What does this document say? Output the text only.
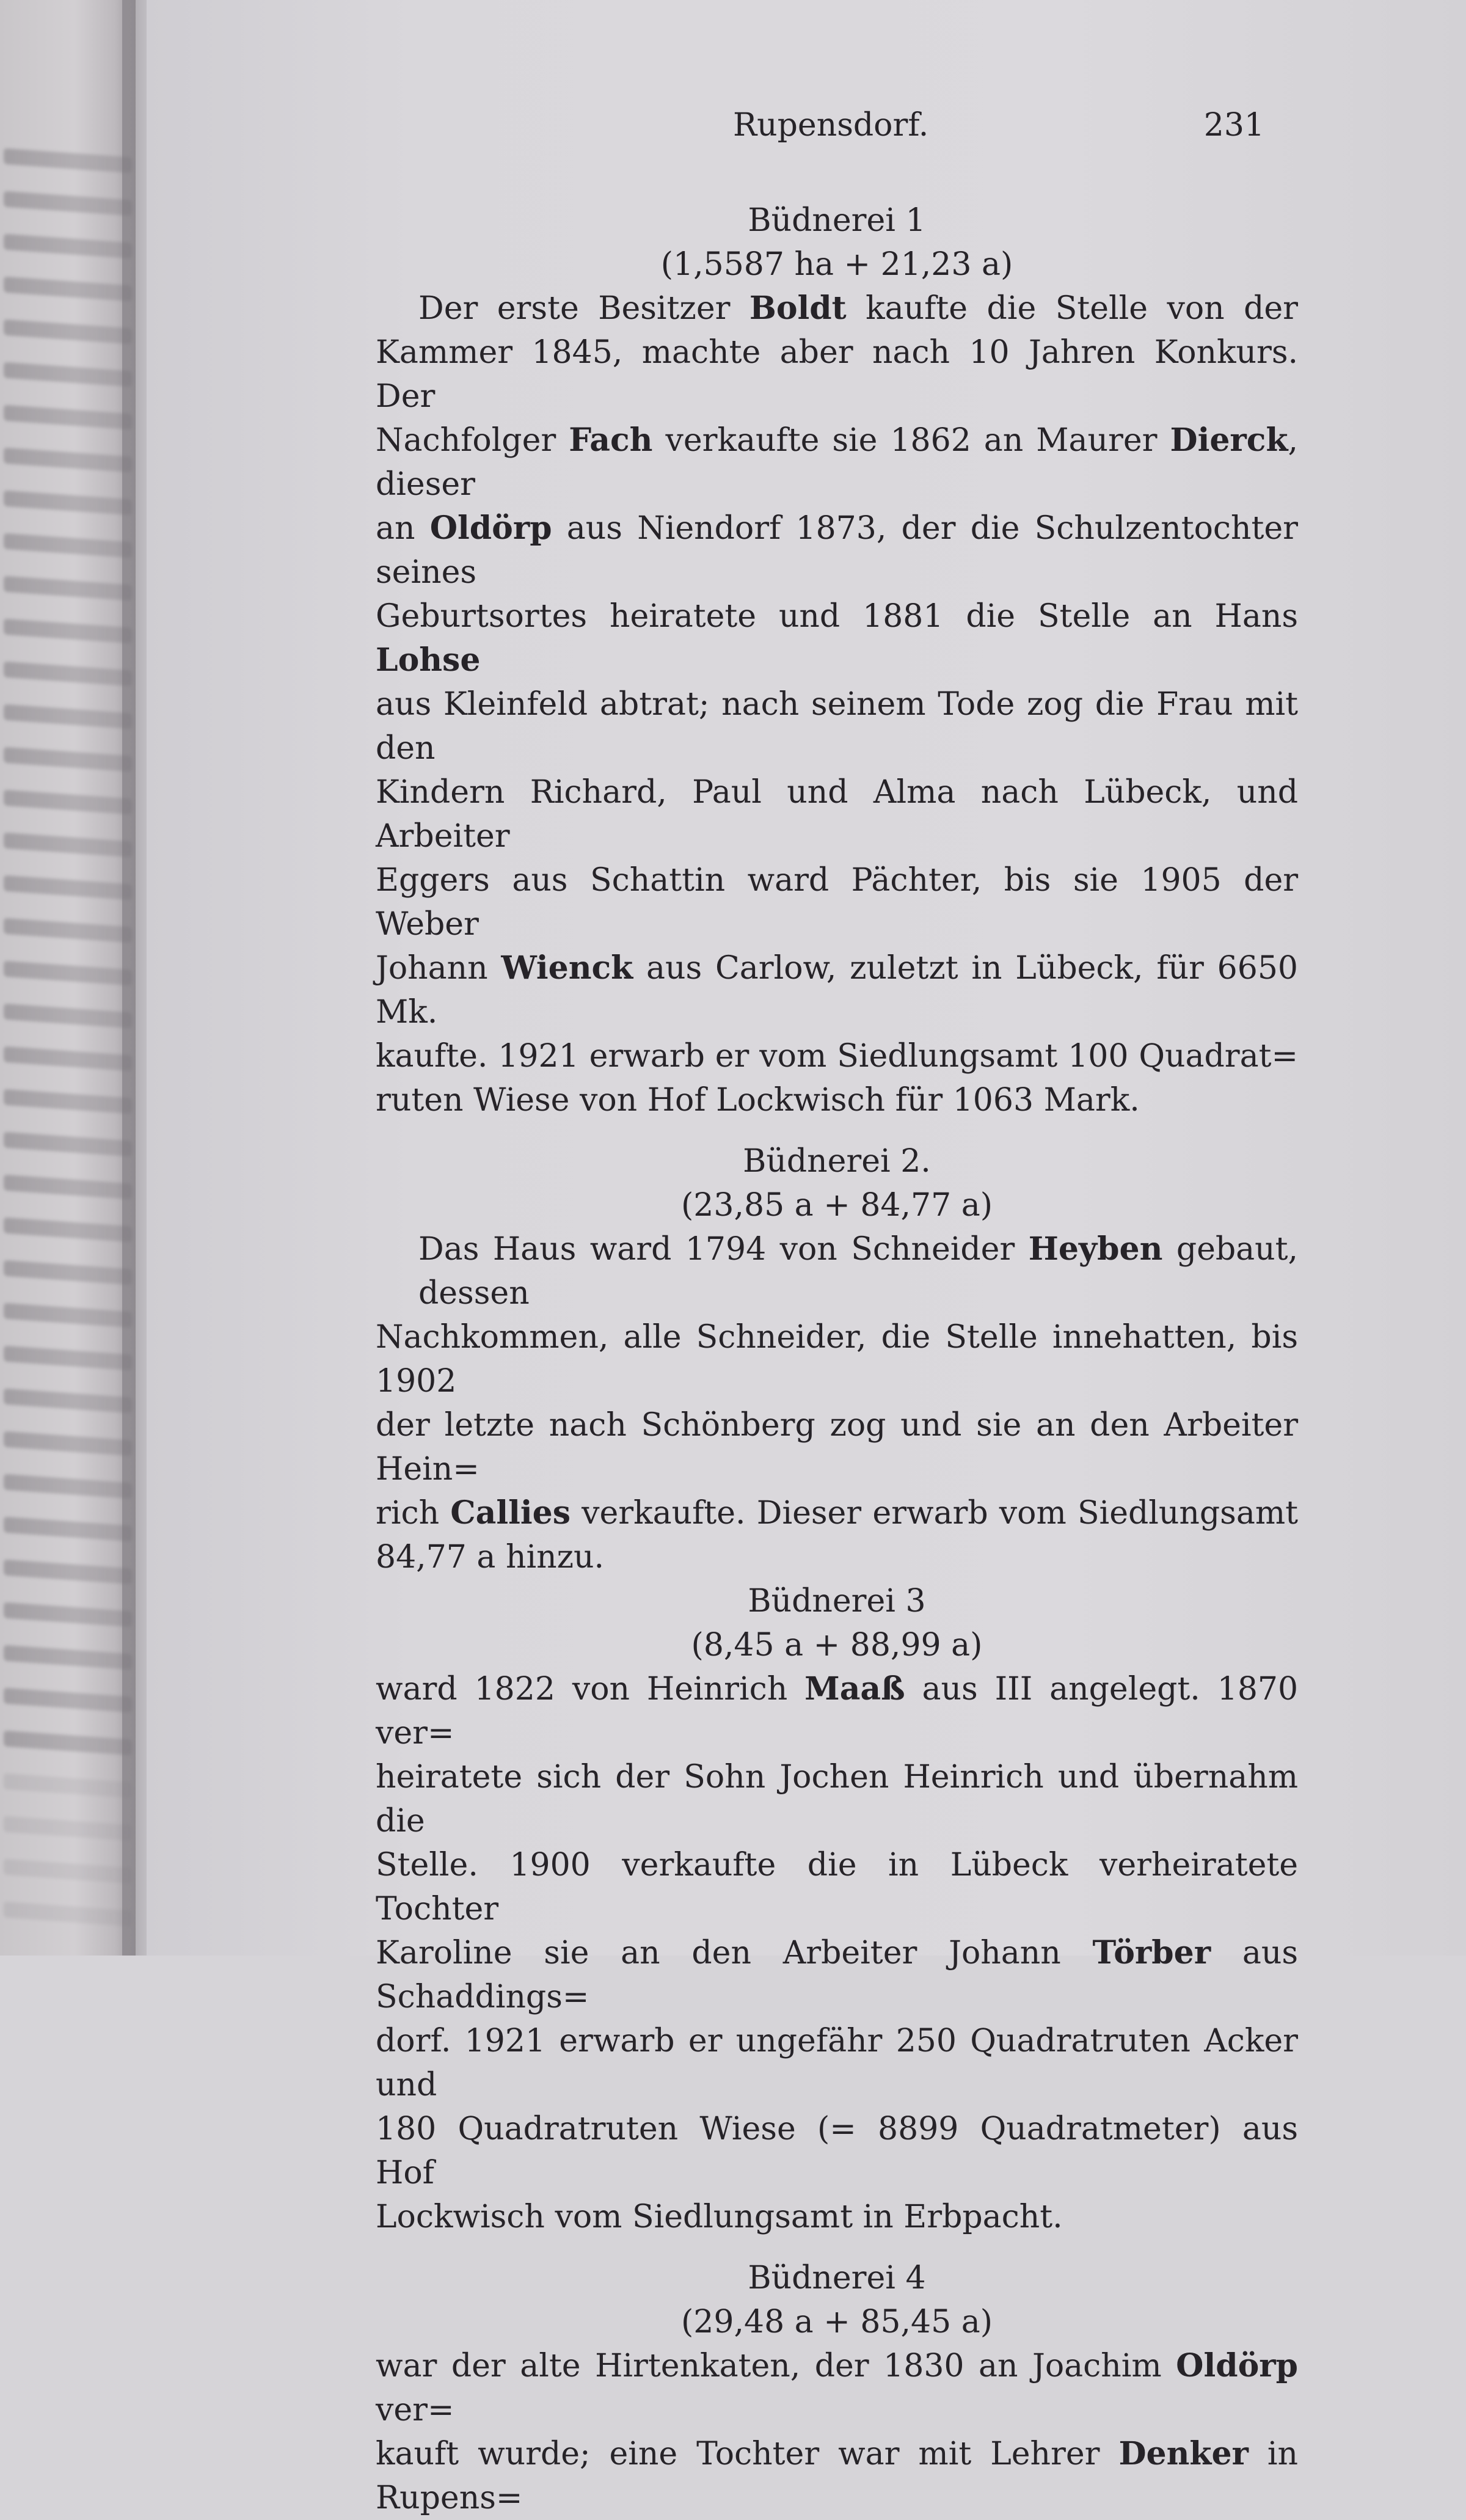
Rupensdorf.	231

Büdnerei 1

(1,5587 ha + 21,23 a)

Der erste Besitzer Boldt kaufte die Stelle von der
Kammer 1845, machte aber nach 10 Jahren Konkurs. Der
Nachfolger Fach verkaufte sie 1862 an Maurer Dierck, dieser
an Oldörp aus Niendorf 1873, der die Schulzentochter seines
Geburtsortes heiratete und 1881 die Stelle an Hans Lohse
aus Kleinfeld abtrat; nach seinem Tode zog die Frau mit den
Kindern Richard, Paul und Alma nach Lübeck, und Arbeiter
Eggers aus Schattin ward Pächter, bis sie 1905 der Weber
Johann Wienck aus Carlow, zuletzt in Lübeck, für 6650 Mk.
kaufte. 1921 erwarb er vom Siedlungsamt 100 Quadrat=
ruten Wiese von Hof Lockwisch für 1063 Mark.

Büdnerei 2.

(23,85 a + 84,77 a)

Das Haus ward 1794 von Schneider Heyben gebaut, dessen
Nachkommen, alle Schneider, die Stelle innehatten, bis 1902
der letzte nach Schönberg zog und sie an den Arbeiter Hein=
rich Callies verkaufte. Dieser erwarb vom Siedlungsamt
84,77 a hinzu.

Büdnerei 3

(8,45 a + 88,99 a)

ward 1822 von Heinrich Maaß aus III angelegt. 1870 ver=
heiratete sich der Sohn Jochen Heinrich und übernahm die
Stelle. 1900 verkaufte die in Lübeck verheiratete Tochter
Karoline sie an den Arbeiter Johann Törber aus Schaddings=
dorf. 1921 erwarb er ungefähr 250 Quadratruten Acker und
180 Quadratruten Wiese (= 8899 Quadratmeter) aus Hof
Lockwisch vom Siedlungsamt in Erbpacht.

Büdnerei 4

(29,48 a + 85,45 a)

war der alte Hirtenkaten, der 1830 an Joachim Oldörp ver=
kauft wurde; eine Tochter war mit Lehrer Denker in Rupens=
